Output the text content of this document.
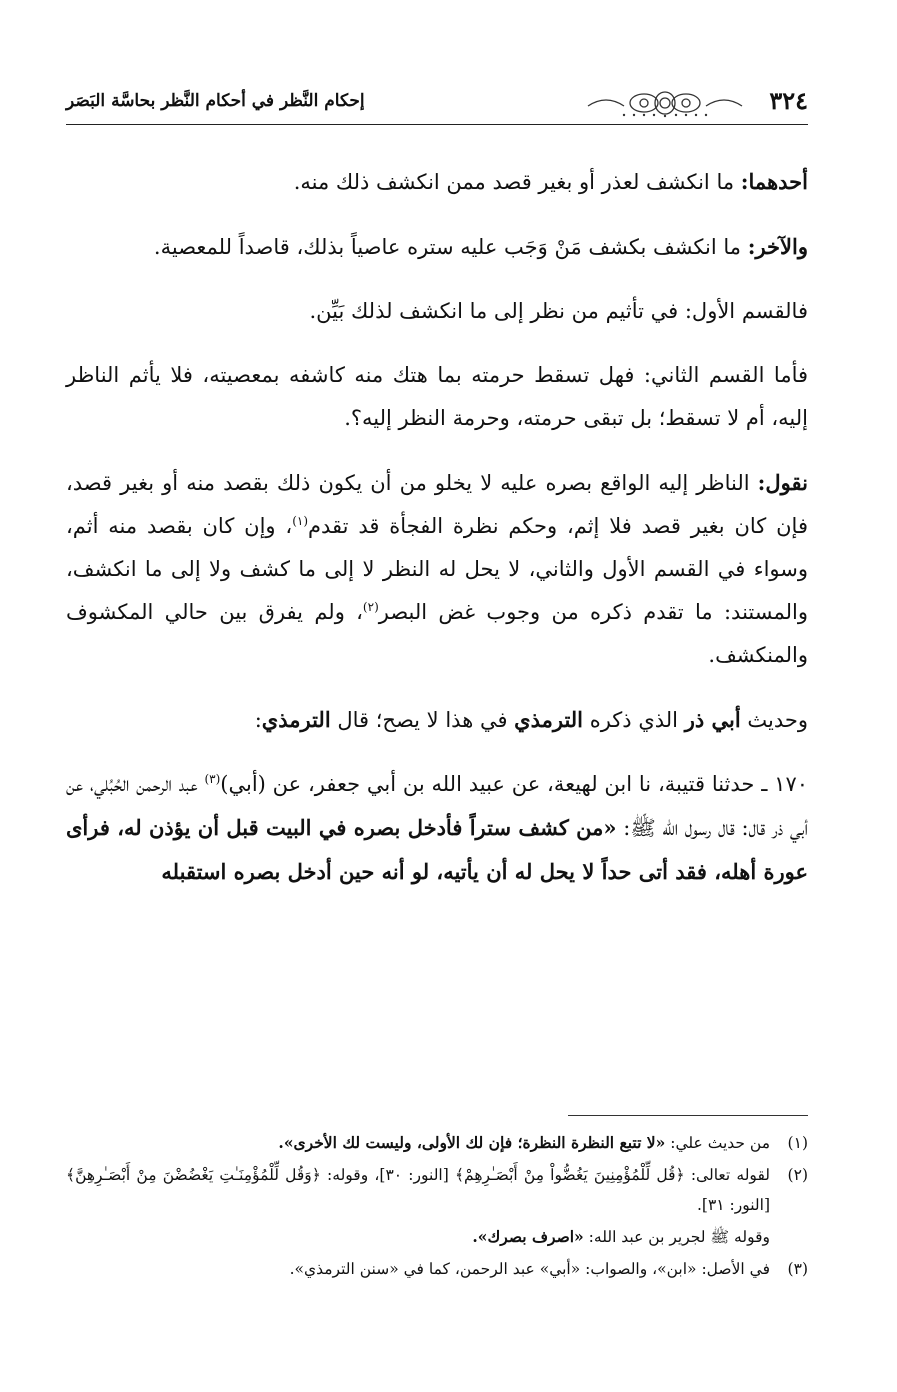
٣٢٤
إحكام النَّظر في أحكام النَّظر بحاسَّة البَصَر

أحدهما: ما انكشف لعذر أو بغير قصد ممن انكشف ذلك منه.

والآخر: ما انكشف بكشف مَنْ وَجَب عليه ستره عاصياً بذلك، قاصداً للمعصية.

فالقسم الأول: في تأثيم من نظر إلى ما انكشف لذلك بَيِّن.

فأما القسم الثاني: فهل تسقط حرمته بما هتك منه كاشفه بمعصيته، فلا يأثم الناظر إليه، أم لا تسقط؛ بل تبقى حرمته، وحرمة النظر إليه؟.

نقول: الناظر إليه الواقع بصره عليه لا يخلو من أن يكون ذلك بقصد منه أو بغير قصد، فإن كان بغير قصد فلا إثم، وحكم نظرة الفجأة قد تقدم$^{(١)}$، وإن كان بقصد منه أثم، وسواء في القسم الأول والثاني، لا يحل له النظر لا إلى ما كشف ولا إلى ما انكشف، والمستند: ما تقدم ذكره من وجوب غض البصر$^{(٢)}$، ولم يفرق بين حالي المكشوف والمنكشف.

وحديث أبي ذر الذي ذكره الترمذي في هذا لا يصح؛ قال الترمذي:

١٧٠ ـ حدثنا قتيبة، نا ابن لهيعة، عن عبيد الله بن أبي جعفر، عن (أبي)$^{(٣)}$ عبد الرحمن الحُبُلي، عن أبي ذر قال: قال رسول الله ﷺ: «من كشف ستراً فأدخل بصره في البيت قبل أن يؤذن له، فرأى عورة أهله، فقد أتى حداً لا يحل له أن يأتيه، لو أنه حين أدخل بصره استقبله

(١)
من حديث علي: «لا تتبع النظرة النظرة؛ فإن لك الأولى، وليست لك الأخرى».
(٢)
لقوله تعالى: ﴿قُل لِّلْمُؤْمِنِينَ يَغُضُّواْ مِنْ أَبْصَـٰرِهِمْ﴾ [النور: ٣٠]، وقوله: ﴿وَقُل لِّلْمُؤْمِنَـٰتِ يَغْضُضْنَ مِنْ أَبْصَـٰرِهِنَّ﴾ [النور: ٣١].
وقوله ﷺ لجرير بن عبد الله: «اصرف بصرك».
(٣)
في الأصل: «ابن»، والصواب: «أبي» عبد الرحمن، كما في «سنن الترمذي».
